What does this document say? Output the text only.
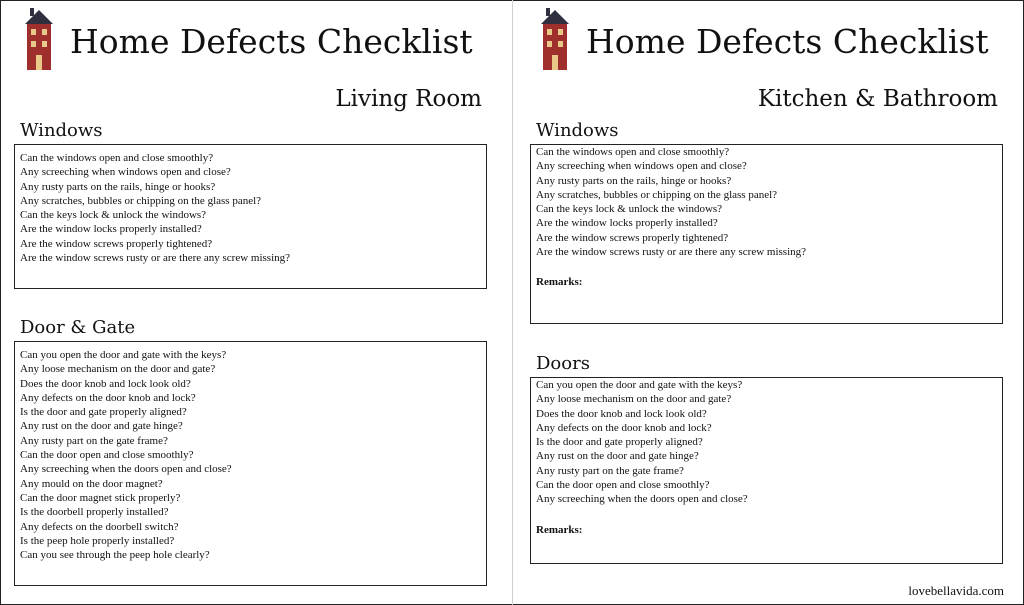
Home Defects Checklist
Living Room
Windows
Can the windows open and close smoothly?
Any screeching when windows open and close?
Any rusty parts on the rails, hinge or hooks?
Any scratches, bubbles or chipping on the glass panel?
Can the keys lock & unlock the windows?
Are the window locks properly installed?
Are the window screws properly tightened?
Are the window screws rusty or are there any screw missing?
Door & Gate
Can you open the door and gate with the keys?
Any loose mechanism on the door and gate?
Does the door knob and lock look old?
Any defects on the door knob and lock?
Is the door and gate properly aligned?
Any rust on the door and gate hinge?
Any rusty part on the gate frame?
Can the door open and close smoothly?
Any screeching when the doors open and close?
Any mould on the door magnet?
Can the door magnet stick properly?
Is the doorbell properly installed?
Any defects on the doorbell switch?
Is the peep hole properly installed?
Can you see through the peep hole clearly?
Home Defects Checklist
Kitchen & Bathroom
Windows
Can the windows open and close smoothly?
Any screeching when windows open and close?
Any rusty parts on the rails, hinge or hooks?
Any scratches, bubbles or chipping on the glass panel?
Can the keys lock & unlock the windows?
Are the window locks properly installed?
Are the window screws properly tightened?
Are the window screws rusty or are there any screw missing?
Remarks:
Doors
Can you open the door and gate with the keys?
Any loose mechanism on the door and gate?
Does the door knob and lock look old?
Any defects on the door knob and lock?
Is the door and gate properly aligned?
Any rust on the door and gate hinge?
Any rusty part on the gate frame?
Can the door open and close smoothly?
Any screeching when the doors open and close?
Remarks:
lovebellavida.com
